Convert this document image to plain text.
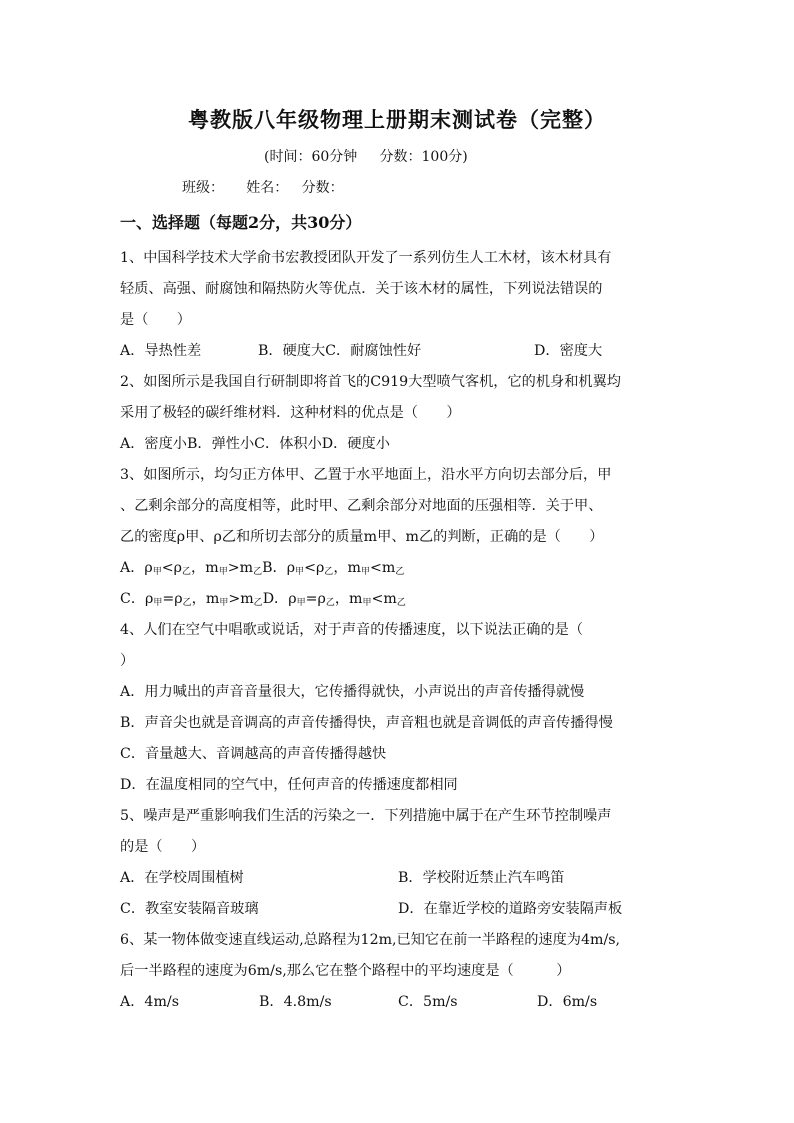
粤教版八年级物理上册期末测试卷（完整）
(时间：60分钟     分数：100分)
班级：     姓名：   分数：
一、选择题（每题2分，共30分）
1、中国科学技术大学俞书宏教授团队开发了一系列仿生人工木材，该木材具有
轻质、高强、耐腐蚀和隔热防火等优点．关于该木材的属性，下列说法错误的
是（　　）
A．导热性差	B．硬度大C．耐腐蚀性好	D．密度大
2、如图所示是我国自行研制即将首飞的C919大型喷气客机，它的机身和机翼均
采用了极轻的碳纤维材料．这种材料的优点是（　　）
A．密度小B．弹性小C．体积小D．硬度小
3、如图所示，均匀正方体甲、乙置于水平地面上，沿水平方向切去部分后，甲
、乙剩余部分的高度相等，此时甲、乙剩余部分对地面的压强相等．关于甲、
乙的密度ρ甲、ρ乙和所切去部分的质量m甲、m乙的判断，正确的是（　　）
A．$\rho_甲<\rho_乙$，$m_甲>m_乙B$．$\rho_甲<\rho_乙$，$m_甲<m_乙$
C．$\rho_甲=\rho_乙$，$m_甲>m_乙D$．$\rho_甲=\rho_乙$，$m_甲<m_乙$
4、人们在空气中唱歌或说话，对于声音的传播速度，以下说法正确的是（
）
A．用力喊出的声音音量很大，它传播得就快，小声说出的声音传播得就慢
B．声音尖也就是音调高的声音传播得快，声音粗也就是音调低的声音传播得慢
C．音量越大、音调越高的声音传播得越快
D．在温度相同的空气中，任何声音的传播速度都相同
5、噪声是严重影响我们生活的污染之一．下列措施中属于在产生环节控制噪声
的是（　　）
A．在学校周围植树	B．学校附近禁止汽车鸣笛
C．教室安装隔音玻璃	D．在靠近学校的道路旁安装隔声板
6、某一物体做变速直线运动,总路程为12m,已知它在前一半路程的速度为4m/s,
后一半路程的速度为6m/s,那么它在整个路程中的平均速度是（　　　）
A．4m/s	B．4.8m/s	C．5m/s	D．6m/s
